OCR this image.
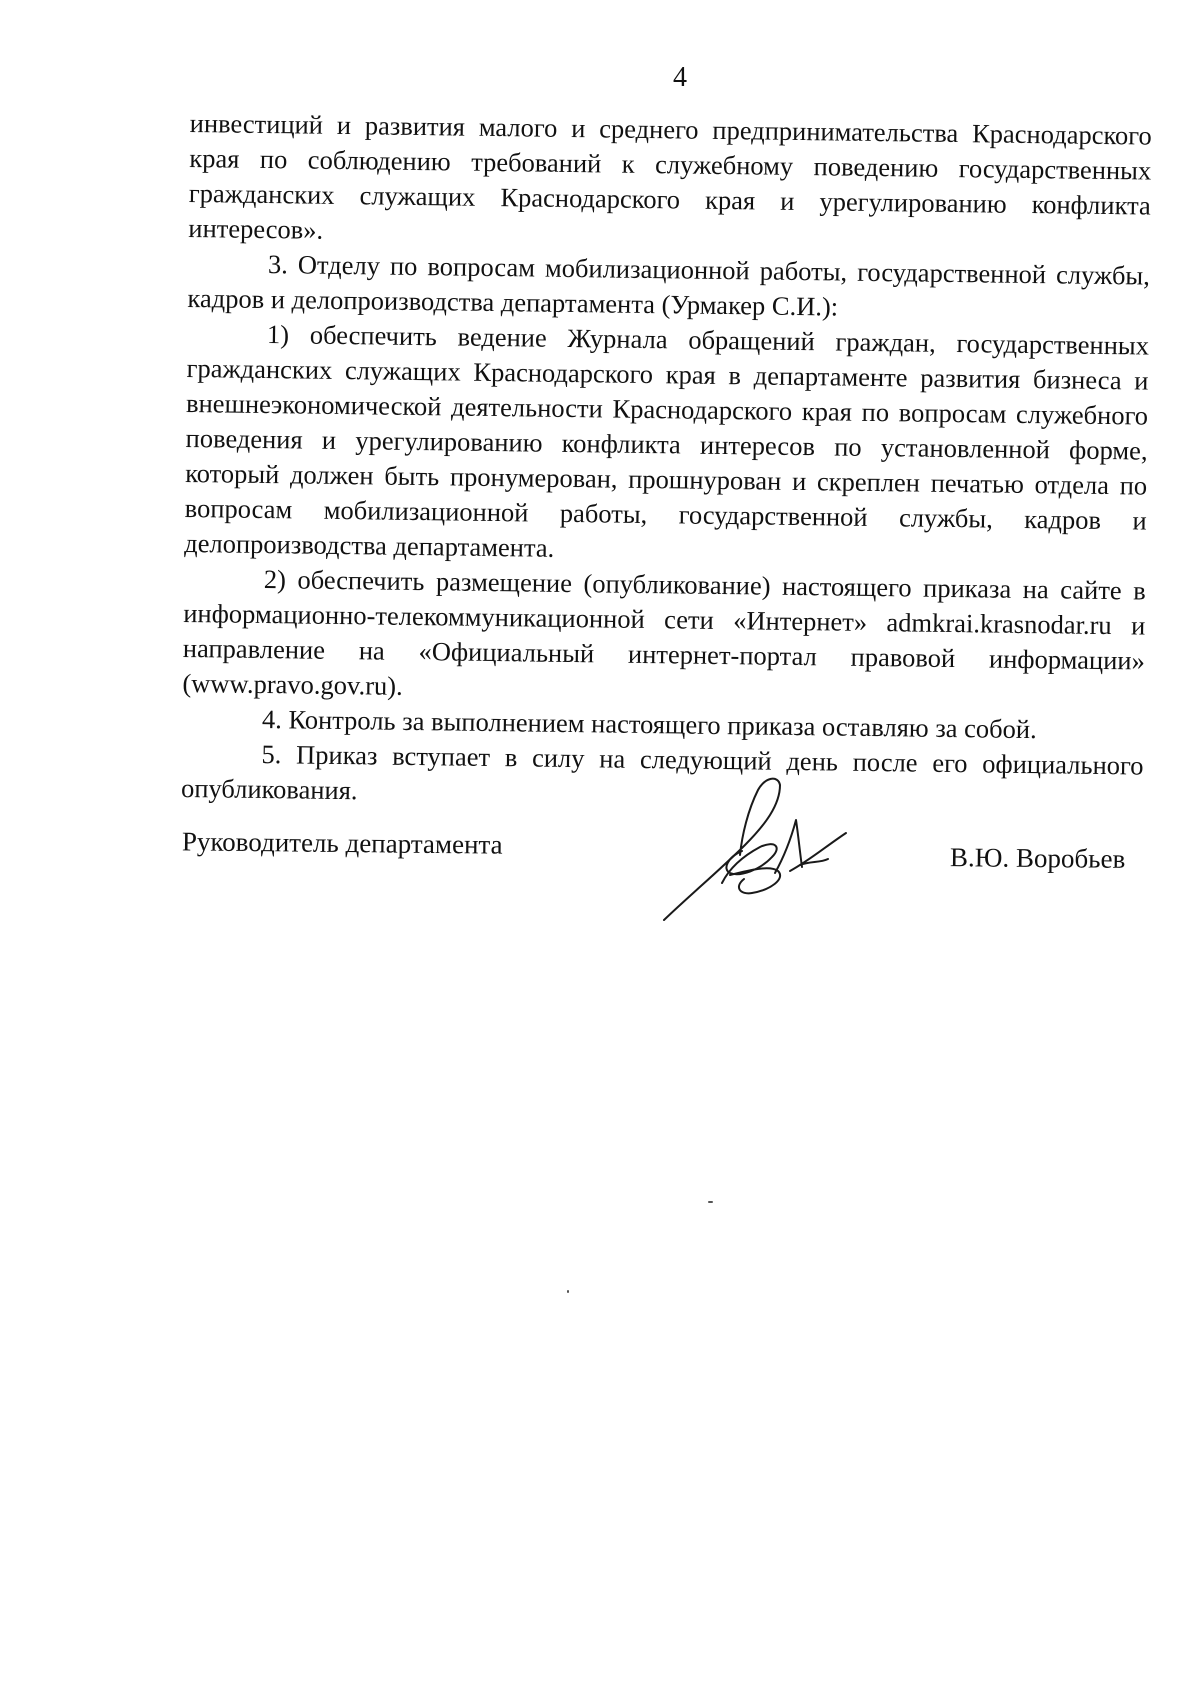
4

инвестиций и развития малого и среднего предпринимательства Краснодарского края по соблюдению требований к служебному поведению государственных гражданских служащих Краснодарского края и урегулированию конфликта интересов».

3. Отделу по вопросам мобилизационной работы, государственной службы, кадров и делопроизводства департамента (Урмакер С.И.):

1) обеспечить ведение Журнала обращений граждан, государственных гражданских служащих Краснодарского края в департаменте развития бизнеса и внешнеэкономической деятельности Краснодарского края по вопросам служебного поведения и урегулированию конфликта интересов по установленной форме, который должен быть пронумерован, прошнурован и скреплен печатью отдела по вопросам мобилизационной работы, государственной службы, кадров и делопроизводства департамента.

2) обеспечить размещение (опубликование) настоящего приказа на сайте в информационно-телекоммуникационной сети «Интернет» admkrai.krasnodar.ru и направление на «Официальный интернет-портал правовой информации» (www.pravo.gov.ru).

4. Контроль за выполнением настоящего приказа оставляю за собой.

5. Приказ вступает в силу на следующий день после его официального опубликования.

Руководитель департамента	В.Ю. Воробьев
